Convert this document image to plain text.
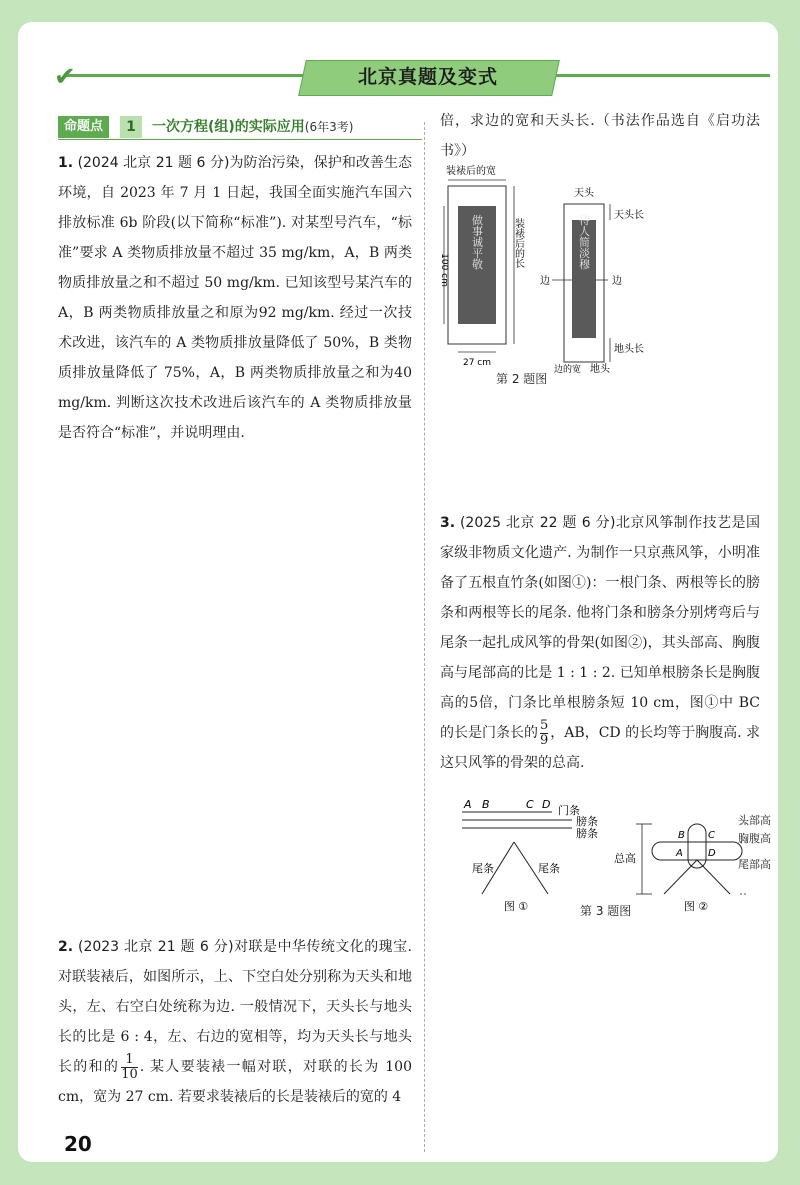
✔	北京真题及变式
命题点	1	一次方程(组)的实际应用(6年3考)
1. (2024 北京 21 题 6 分)为防治污染，保护和改善生态环境，自 2023 年 7 月 1 日起，我国全面实施汽车国六排放标准 6b 阶段(以下简称“标准”). 对某型号汽车，“标准”要求 A 类物质排放量不超过 35 mg/km，A，B 两类物质排放量之和不超过 50 mg/km. 已知该型号某汽车的 A，B 两类物质排放量之和原为92 mg/km. 经过一次技术改进，该汽车的 A 类物质排放量降低了 50%，B 类物质排放量降低了 75%，A，B 两类物质排放量之和为40 mg/km. 判断这次技术改进后该汽车的 A 类物质排放量是否符合“标准”，并说明理由.
2. (2023 北京 21 题 6 分)对联是中华传统文化的瑰宝. 对联装裱后，如图所示，上、下空白处分别称为天头和地头，左、右空白处统称为边. 一般情况下，天头长与地头长的比是 6 : 4，左、右边的宽相等，均为天头长与地头长的和的 $\frac{1}{10}$ . 某人要装裱一幅对联，对联的长为 100 cm，宽为 27 cm. 若要求装裱后的长是装裱后的宽的 4
倍，求边的宽和天头长.（书法作品选自《启功法书》）
装裱后的宽
做事诚平敬
100 cm
27 cm
装裱后的长
天头
待人简淡穆 天头长
边	边
地头长
边的宽 地头
第 2 题图
3. (2025 北京 22 题 6 分)北京风筝制作技艺是国家级非物质文化遗产. 为制作一只京燕风筝，小明准备了五根直竹条(如图①)：一根门条、两根等长的膀条和两根等长的尾条. 他将门条和膀条分别烤弯后与尾条一起扎成风筝的骨架(如图②)，其头部高、胸腹高与尾部高的比是 1 : 1 : 2. 已知单根膀条长是胸腹高的5倍，门条比单根膀条短 10 cm，图①中 BC 的长是门条长的 $\frac{5}{9}$ ，AB，CD 的长均等于胸腹高. 求这只风筝的骨架的总高.
A B	C D 门条
膀条
膀条
尾条	尾条
图 ①
总高
B C
A	D
图 ②
头部高
胸腹高
尾部高
第 3 题图
20
